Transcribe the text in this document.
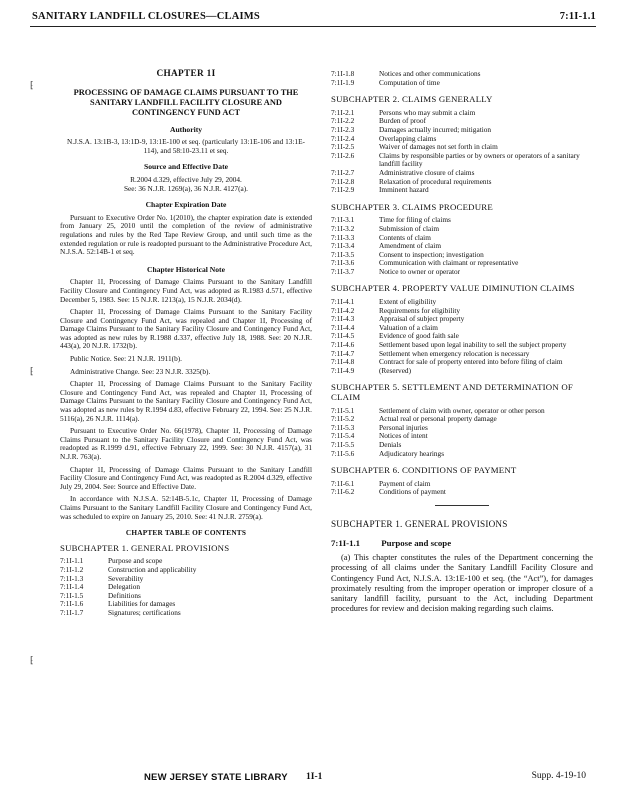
SANITARY LANDFILL CLOSURES—CLAIMS	7:1I-1.1
⁅
⁅
⁅
CHAPTER 1I
PROCESSING OF DAMAGE CLAIMS PURSUANT TO THE SANITARY LANDFILL FACILITY CLOSURE AND CONTINGENCY FUND ACT
Authority
N.J.S.A. 13:1B-3, 13:1D-9, 13:1E-100 et seq. (particularly 13:1E-106 and 13:1E-114), and 58:10-23.11 et seq.
Source and Effective Date
R.2004 d.329, effective July 29, 2004.
See: 36 N.J.R. 1269(a), 36 N.J.R. 4127(a).
Chapter Expiration Date

Pursuant to Executive Order No. 1(2010), the chapter expiration date is extended from January 25, 2010 until the completion of the review of administrative regulations and rules by the Red Tape Review Group, and until such time as the extended regulation or rule is readopted pursuant to the Administrative Procedure Act, N.J.S.A. 52:14B-1 et seq.

Chapter Historical Note

Chapter 1I, Processing of Damage Claims Pursuant to the Sanitary Landfill Facility Closure and Contingency Fund Act, was adopted as R.1983 d.571, effective December 5, 1983. See: 15 N.J.R. 1213(a), 15 N.J.R. 2034(d).

Chapter 1I, Processing of Damage Claims Pursuant to the Sanitary Facility Closure and Contingency Fund Act, was repealed and Chapter 1I, Processing of Damage Claims Pursuant to the Sanitary Facility Closure and Contingency Fund Act, was adopted as new rules by R.1988 d.337, effective July 18, 1988. See: 20 N.J.R. 443(a), 20 N.J.R. 1732(b).

Public Notice. See: 21 N.J.R. 1911(b).

Administrative Change. See: 23 N.J.R. 3325(b).

Chapter 1I, Processing of Damage Claims Pursuant to the Sanitary Facility Closure and Contingency Fund Act, was repealed and Chapter 1I, Processing of Damage Claims Pursuant to the Sanitary Facility Closure and Contingency Fund Act, was adopted as new rules by R.1994 d.83, effective February 22, 1994. See: 25 N.J.R. 5116(a), 26 N.J.R. 1114(a).

Pursuant to Executive Order No. 66(1978), Chapter 1I, Processing of Damage Claims Pursuant to the Sanitary Facility Closure and Contingency Fund Act, was readopted as R.1999 d.91, effective February 22, 1999. See: 30 N.J.R. 4157(a), 31 N.J.R. 763(a).

Chapter 1I, Processing of Damage Claims Pursuant to the Sanitary Landfill Facility Closure and Contingency Fund Act, was readopted as R.2004 d.329, effective July 29, 2004. See: Source and Effective Date.

In accordance with N.J.S.A. 52:14B-5.1c, Chapter 1I, Processing of Damage Claims Pursuant to the Sanitary Landfill Facility Closure and Contingency Fund Act, was scheduled to expire on January 25, 2010. See: 41 N.J.R. 2759(a).

CHAPTER TABLE OF CONTENTS
SUBCHAPTER 1. GENERAL PROVISIONS
7:1I-1.1	Purpose and scope
7:1I-1.2	Construction and applicability
7:1I-1.3	Severability
7:1I-1.4	Delegation
7:1I-1.5	Definitions
7:1I-1.6	Liabilities for damages
7:1I-1.7	Signatures; certifications
7:1I-1.8	Notices and other communications
7:1I-1.9	Computation of time
SUBCHAPTER 2. CLAIMS GENERALLY
7:1I-2.1	Persons who may submit a claim
7:1I-2.2	Burden of proof
7:1I-2.3	Damages actually incurred; mitigation
7:1I-2.4	Overlapping claims
7:1I-2.5	Waiver of damages not set forth in claim
7:1I-2.6	Claims by responsible parties or by owners or operators of a sanitary landfill facility
7:1I-2.7	Administrative closure of claims
7:1I-2.8	Relaxation of procedural requirements
7:1I-2.9	Imminent hazard
SUBCHAPTER 3. CLAIMS PROCEDURE
7:1I-3.1	Time for filing of claims
7:1I-3.2	Submission of claim
7:1I-3.3	Contents of claim
7:1I-3.4	Amendment of claim
7:1I-3.5	Consent to inspection; investigation
7:1I-3.6	Communication with claimant or representative
7:1I-3.7	Notice to owner or operator
SUBCHAPTER 4. PROPERTY VALUE DIMINUTION CLAIMS
7:1I-4.1	Extent of eligibility
7:1I-4.2	Requirements for eligibility
7:1I-4.3	Appraisal of subject property
7:1I-4.4	Valuation of a claim
7:1I-4.5	Evidence of good faith sale
7:1I-4.6	Settlement based upon legal inability to sell the subject property
7:1I-4.7	Settlement when emergency relocation is necessary
7:1I-4.8	Contract for sale of property entered into before filing of claim
7:1I-4.9	(Reserved)
SUBCHAPTER 5. SETTLEMENT AND DETERMINATION OF CLAIM
7:1I-5.1	Settlement of claim with owner, operator or other person
7:1I-5.2	Actual real or personal property damage
7:1I-5.3	Personal injuries
7:1I-5.4	Notices of intent
7:1I-5.5	Denials
7:1I-5.6	Adjudicatory hearings
SUBCHAPTER 6. CONDITIONS OF PAYMENT
7:1I-6.1	Payment of claim
7:1I-6.2	Conditions of payment
SUBCHAPTER 1. GENERAL PROVISIONS
7:1I-1.1 Purpose and scope
(a) This chapter constitutes the rules of the Department concerning the processing of all claims under the Sanitary Landfill Facility Closure and Contingency Fund Act, N.J.S.A. 13:1E-100 et seq. (the “Act”), for damages proximately resulting from the improper operation or improper closure of a sanitary landfill facility, pursuant to the Act, including Department procedures for review and decision making regarding such claims.
NEW JERSEY STATE LIBRARY 1I-1	Supp. 4-19-10
